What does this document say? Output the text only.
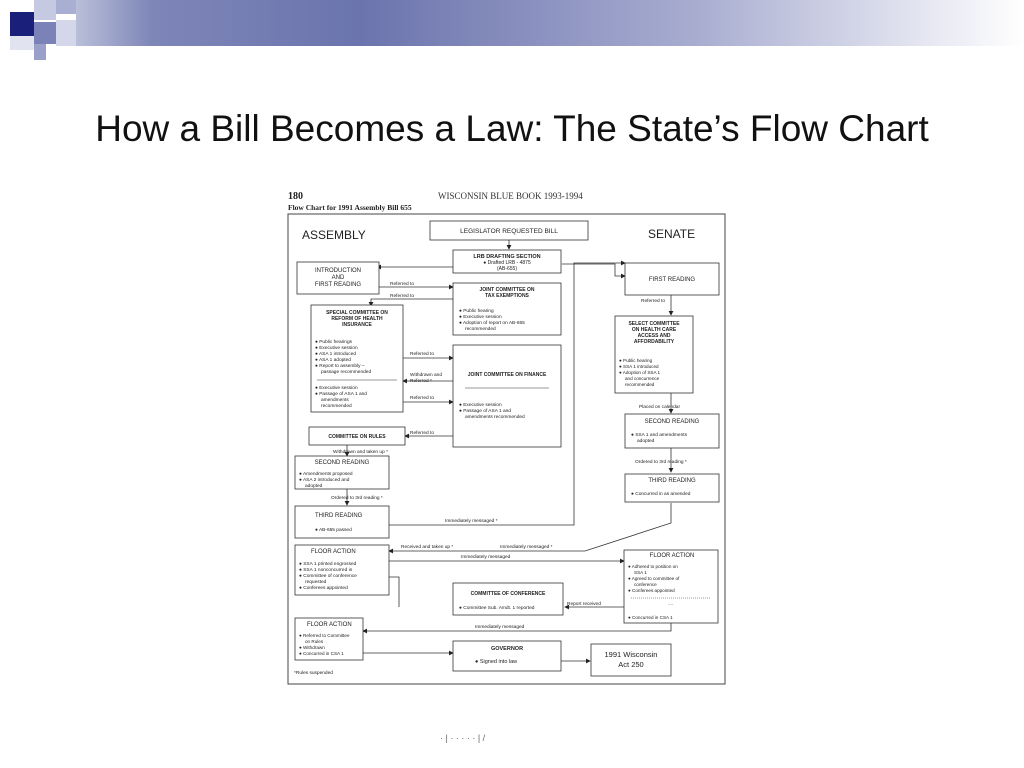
How a Bill Becomes a Law: The State’s Flow Chart
180	WISCONSIN BLUE BOOK 1993-1994
Flow Chart for 1991 Assembly Bill 655
ASSEMBLY	SENATE
LEGISLATOR REQUESTED BILL
LRB DRAFTING SECTION
● Drafted LRB - 4875
(AB-655)
INTRODUCTION
AND
FIRST READING
JOINT COMMITTEE ON
TAX EXEMPTIONS
● Public hearing
● Executive session
● Adoption of report on AB-655
recommended
SPECIAL COMMITTEE ON
REFORM OF HEALTH
INSURANCE
● Public hearings
● Executive session
● ASA 1 introduced
● ASA 1 adopted
● Report to assembly –
passage recommended
● Executive session
● Passage of ASA 1 and
amendments
recommended
JOINT COMMITTEE ON FINANCE
● Executive session
● Passage of ASA 1 and
amendments recommended
COMMITTEE ON RULES
SECOND READING
● Amendments proposed
● ASA 2 introduced and
adopted
THIRD READING
● AB-655 passed
FLOOR ACTION
● SSA 1 printed engrossed
● SSA 1 nonconcurred in
● Committee of conference
requested
● Conferees appointed
COMMITTEE OF CONFERENCE
● Committee Sub. Amdt. 1 reported
FLOOR ACTION
● Referred to Committee
on Rules
● Withdrawn
● Concurred in CSA 1
GOVERNOR
● Signed into law
1991 Wisconsin
Act 250
FIRST READING
SELECT COMMITTEE
ON HEALTH CARE
ACCESS AND
AFFORDABILITY
● Public hearing
● SSA 1 introduced
● Adoption of SSA 1
and concurrence
recommended
SECOND READING
● SSA 1 and amendments
adopted
THIRD READING
● Concurred in as amended
FLOOR ACTION
● Adhered to position on
SSA 1
● Agreed to committee of
conference
● Conferees appointed
....
● Concurred in CSA 1
Referred to
Referred to
Referred to
Withdrawn and
Referred *
Referred to
Referred to
Withdrawn and taken up *
Ordered to 3rd reading *
Immediately messaged *
Received and taken up *	Immediately messaged *
Immediately messaged
Report received
Immediately messaged
Referred to
Placed on calendar
Ordered to 3rd reading *
*Rules suspended
· | · · · · · | /
